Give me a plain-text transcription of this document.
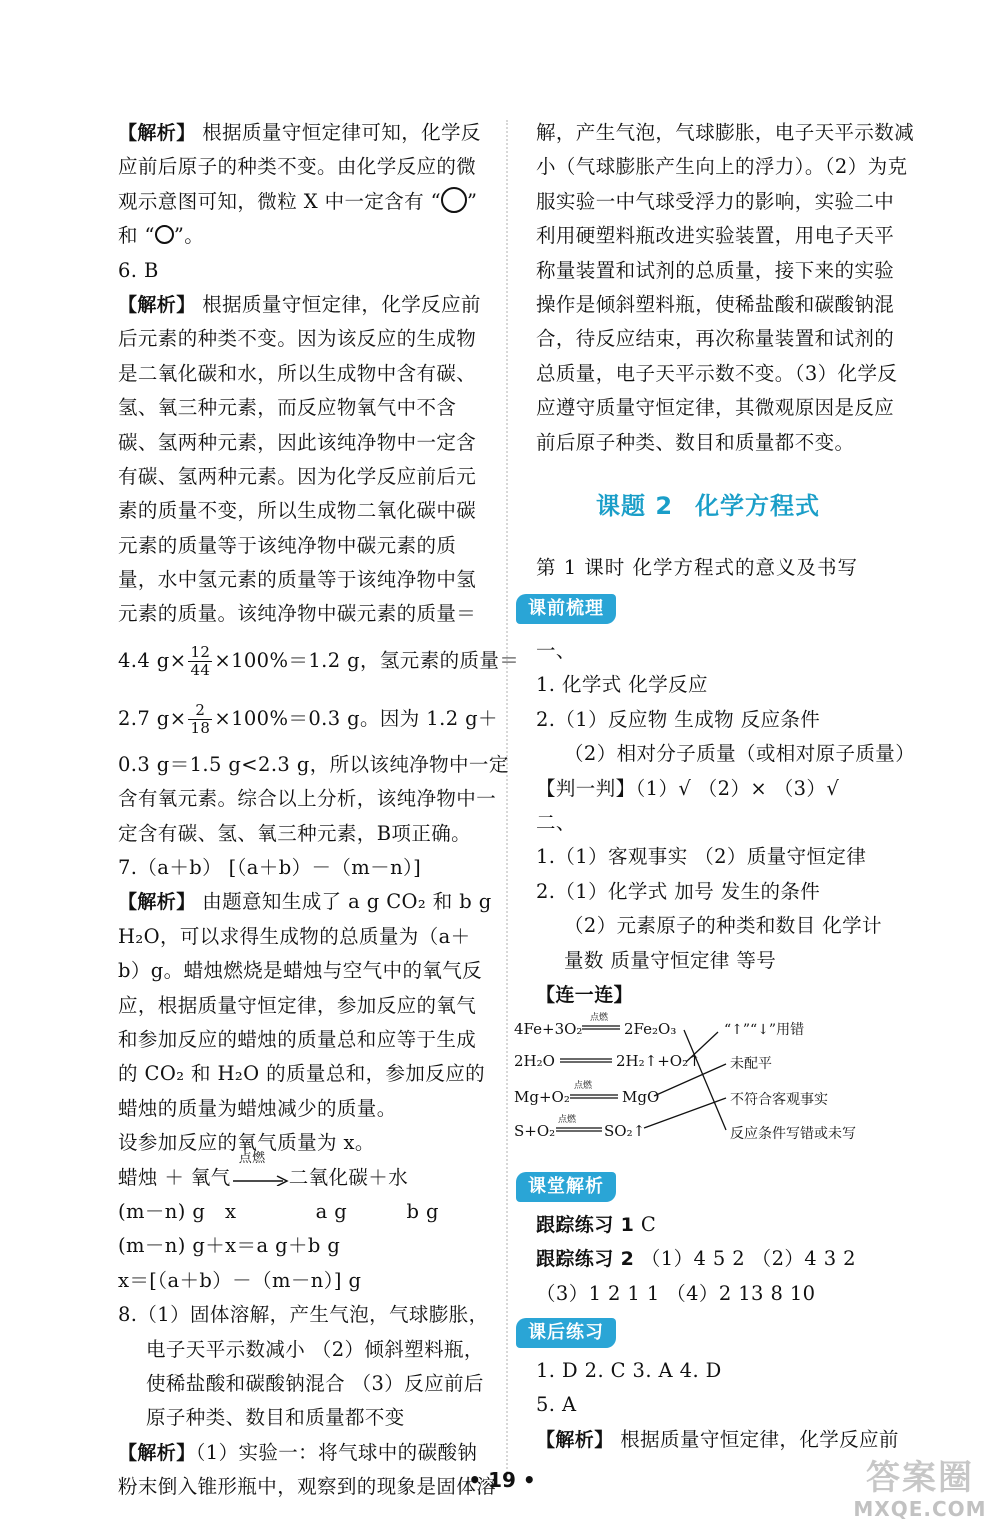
【解析】 根据质量守恒定律可知，化学反
应前后原子的种类不变。由化学反应的微
观示意图可知，微粒 X 中一定含有 “ ”
和 “ ”。
6. B
【解析】 根据质量守恒定律，化学反应前
后元素的种类不变。因为该反应的生成物
是二氧化碳和水，所以生成物中含有碳、
氢、氧三种元素，而反应物氧气中不含
碳、氢两种元素，因此该纯净物中一定含
有碳、氢两种元素。因为化学反应前后元
素的质量不变，所以生成物二氧化碳中碳
元素的质量等于该纯净物中碳元素的质
量，水中氢元素的质量等于该纯净物中氢
元素的质量。该纯净物中碳元素的质量＝
4.4 $g\times \frac{12}{44} \times 100\%=1.2$ g，氢元素的质量＝
2.7 $g\times \frac{2}{18} \times 100\%=0.3$ g。因为 1.2 g＋
0.3 g＝1.5 g<2.3 g，所以该纯净物中一定
含有氧元素。综合以上分析，该纯净物中一
定含有碳、氢、氧三种元素，B项正确。
7.（a＋b） [（a＋b）－（m－n）]
【解析】 由题意知生成了 a g CO₂ 和 b g
H₂O，可以求得生成物的总质量为（a＋
b）g。蜡烛燃烧是蜡烛与空气中的氧气反
应，根据质量守恒定律，参加反应的氧气
和参加反应的蜡烛的质量总和应等于生成
的 CO₂ 和 H₂O 的质量总和，参加反应的
蜡烛的质量为蜡烛减少的质量。
设参加反应的氧气质量为 x。
蜡烛 ＋ 氧气
点燃
二氧化碳＋水
(m－n) g   x            a g         b g
(m－n) g＋x＝a g＋b g
x＝[（a＋b）－（m－n）] g
8.（1）固体溶解，产生气泡，气球膨胀，
电子天平示数减小 （2）倾斜塑料瓶，
使稀盐酸和碳酸钠混合 （3）反应前后
原子种类、数目和质量都不变
【解析】（1）实验一：将气球中的碳酸钠
粉末倒入锥形瓶中，观察到的现象是固体溶
解，产生气泡，气球膨胀，电子天平示数减
小（气球膨胀产生向上的浮力）。（2）为克
服实验一中气球受浮力的影响，实验二中
利用硬塑料瓶改进实验装置，用电子天平
称量装置和试剂的总质量，接下来的实验
操作是倾斜塑料瓶，使稀盐酸和碳酸钠混
合，待反应结束，再次称量装置和试剂的
总质量，电子天平示数不变。（3）化学反
应遵守质量守恒定律，其微观原因是反应
前后原子种类、数目和质量都不变。
课题 2 化学方程式
第 1 课时 化学方程式的意义及书写
课前梳理
一、
1. 化学式 化学反应
2.（1）反应物 生成物 反应条件
（2）相对分子质量（或相对原子质量）
【判一判】（1）√ （2）× （3）√
二、
1.（1）客观事实 （2）质量守恒定律
2.（1）化学式 加号 发生的条件
（2）元素原子的种类和数目 化学计
量数 质量守恒定律 等号
【连一连】
4Fe+3O₂
2H₂O
Mg+O₂
S+O₂
2Fe₂O₃
2H₂↑+O₂↑
MgO
SO₂↑
点燃
点燃
点燃
“↑”“↓”用错
未配平
不符合客观事实
反应条件写错或未写
课堂解析
跟踪练习 1 C
跟踪练习 2 （1）4 5 2 （2）4 3 2
（3）1 2 1 1 （4）2 13 8 10
课后练习
1. D 2. C 3. A 4. D
5. A
【解析】 根据质量守恒定律，化学反应前
• 19 •	答案圈
MXQE.COM
